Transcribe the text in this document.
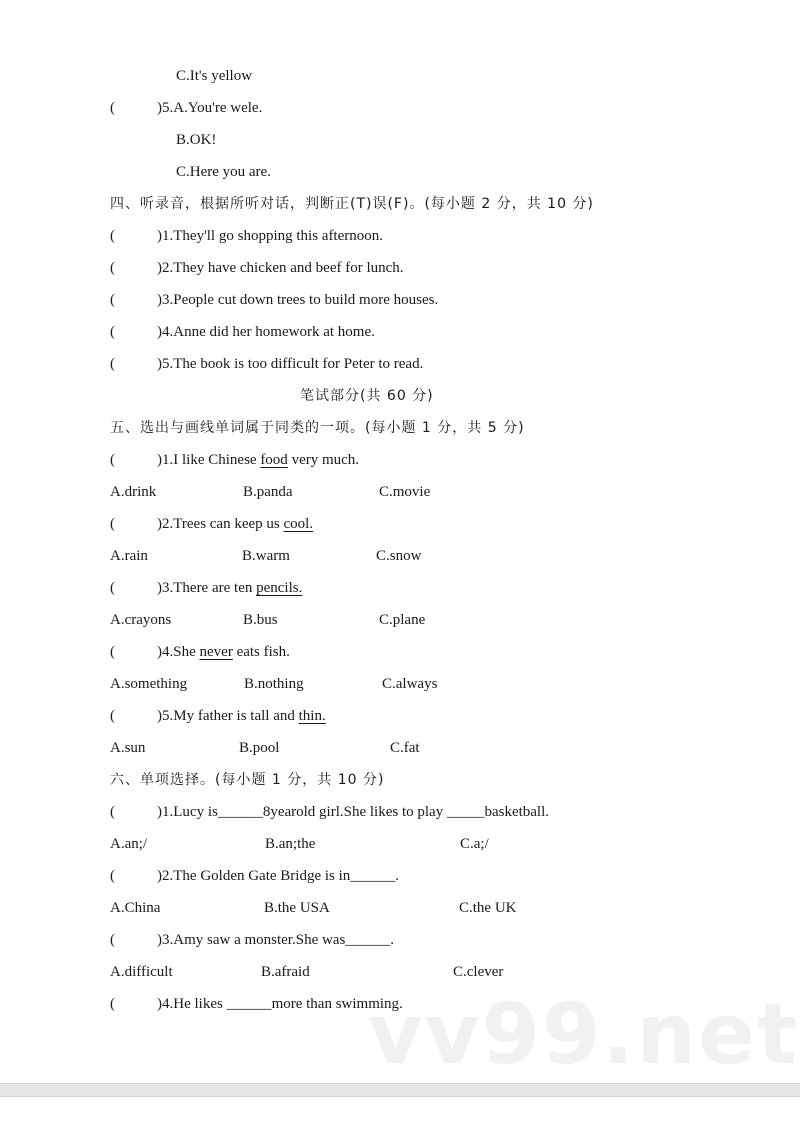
vv99.net
C.It's yellow
(	)5.A.You're wele.
B.OK!
C.Here you are.
四、听录音，根据所听对话，判断正(T)误(F)。(每小题 2 分，共 10 分)
(	)1.They'll go shopping this afternoon.
(	)2.They have chicken and beef for lunch.
(	)3.People cut down trees to build more houses.
(	)4.Anne did her homework at home.
(	)5.The book is too difficult for Peter to read.
笔试部分(共 60 分)
五、选出与画线单词属于同类的一项。(每小题 1 分，共 5 分)
(	)1.I like Chinese food very much.
A.drink	B.panda	C.movie
(	)2.Trees can keep us cool.
A.rain	B.warm	C.snow
(	)3.There are ten pencils.
A.crayons	B.bus	C.plane
(	)4.She never eats fish.
A.something	B.nothing	C.always
(	)5.My father is tall and thin.
A.sun	B.pool	C.fat
六、单项选择。(每小题 1 分，共 10 分)
(	)1.Lucy is______8yearold girl.She likes to play _____basketball.
A.an;/	B.an;the	C.a;/
(	)2.The Golden Gate Bridge is in______.
A.China	B.the USA	C.the UK
(	)3.Amy saw a monster.She was______.
A.difficult	B.afraid	C.clever
(	)4.He likes ______more than swimming.
